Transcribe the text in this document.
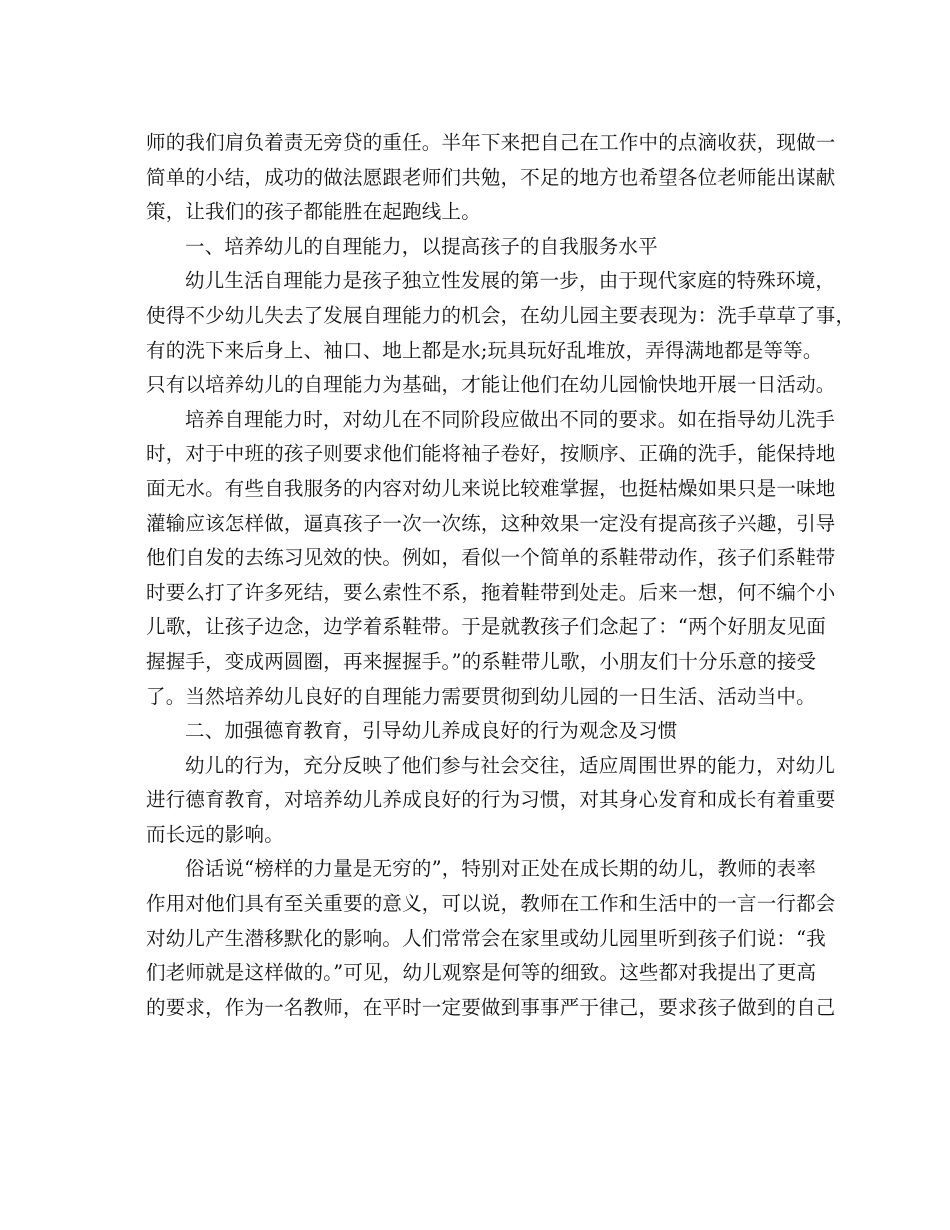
师的我们肩负着责无旁贷的重任。半年下来把自己在工作中的点滴收获，现做一
简单的小结，成功的做法愿跟老师们共勉，不足的地方也希望各位老师能出谋献
策，让我们的孩子都能胜在起跑线上。
一、培养幼儿的自理能力，以提高孩子的自我服务水平
幼儿生活自理能力是孩子独立性发展的第一步，由于现代家庭的特殊环境，
使得不少幼儿失去了发展自理能力的机会，在幼儿园主要表现为：洗手草草了事，
有的洗下来后身上、袖口、地上都是水;玩具玩好乱堆放，弄得满地都是等等。
只有以培养幼儿的自理能力为基础，才能让他们在幼儿园愉快地开展一日活动。
培养自理能力时，对幼儿在不同阶段应做出不同的要求。如在指导幼儿洗手
时，对于中班的孩子则要求他们能将袖子卷好，按顺序、正确的洗手，能保持地
面无水。有些自我服务的内容对幼儿来说比较难掌握，也挺枯燥如果只是一味地
灌输应该怎样做，逼真孩子一次一次练，这种效果一定没有提高孩子兴趣，引导
他们自发的去练习见效的快。例如，看似一个简单的系鞋带动作，孩子们系鞋带
时要么打了许多死结，要么索性不系，拖着鞋带到处走。后来一想，何不编个小
儿歌，让孩子边念，边学着系鞋带。于是就教孩子们念起了：“两个好朋友见面
握握手，变成两圆圈，再来握握手。”的系鞋带儿歌，小朋友们十分乐意的接受
了。当然培养幼儿良好的自理能力需要贯彻到幼儿园的一日生活、活动当中。
二、加强德育教育，引导幼儿养成良好的行为观念及习惯
幼儿的行为，充分反映了他们参与社会交往，适应周围世界的能力，对幼儿
进行德育教育，对培养幼儿养成良好的行为习惯，对其身心发育和成长有着重要
而长远的影响。
俗话说“榜样的力量是无穷的”，特别对正处在成长期的幼儿，教师的表率
作用对他们具有至关重要的意义，可以说，教师在工作和生活中的一言一行都会
对幼儿产生潜移默化的影响。人们常常会在家里或幼儿园里听到孩子们说：“我
们老师就是这样做的。”可见，幼儿观察是何等的细致。这些都对我提出了更高
的要求，作为一名教师，在平时一定要做到事事严于律己，要求孩子做到的自己
